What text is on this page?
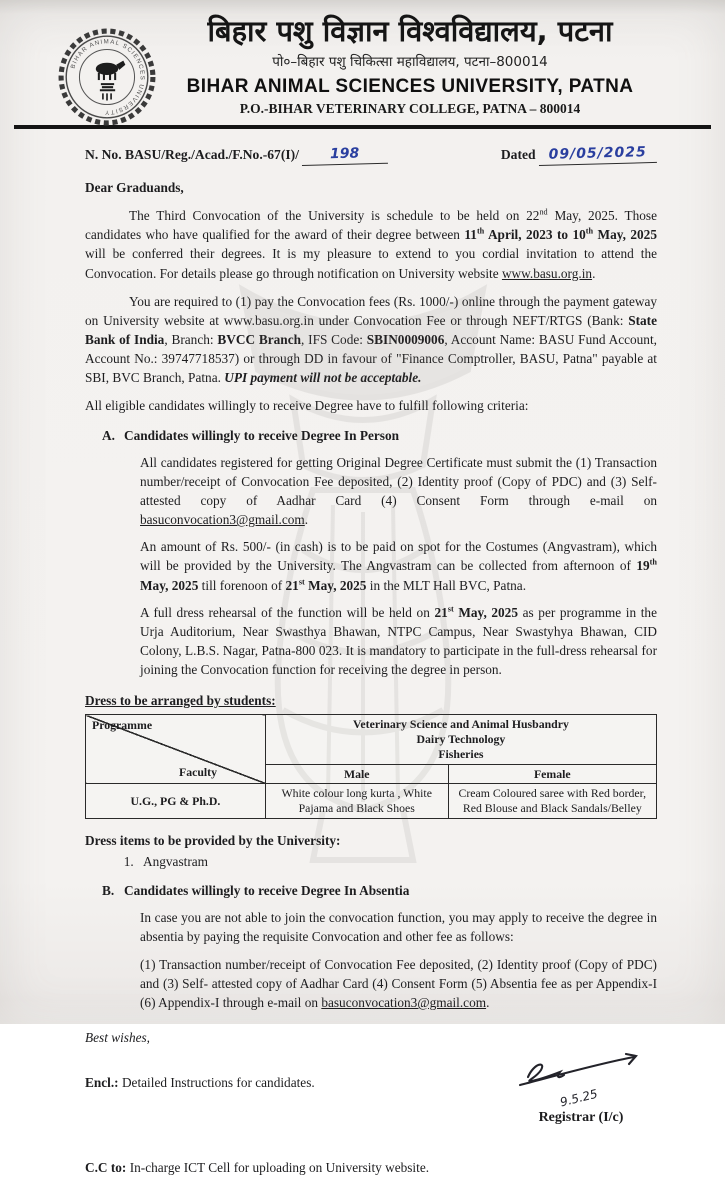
BIHAR ANIMAL SCIENCES UNIVERSITY
बिहार पशु विज्ञान विश्वविद्यालय, पटना
पो०–बिहार पशु चिकित्सा महाविद्यालय, पटना–800014
BIHAR ANIMAL SCIENCES UNIVERSITY, PATNA
P.O.-BIHAR VETERINARY COLLEGE, PATNA – 800014
N. No. BASU/Reg./Acad./F.No.-67(I)/ 198	Dated 09/05/2025
Dear Graduands,

The Third Convocation of the University is schedule to be held on 22nd May, 2025. Those candidates who have qualified for the award of their degree between 11th April, 2023 to 10th May, 2025 will be conferred their degrees. It is my pleasure to extend to you cordial invitation to attend the Convocation. For details please go through notification on University website www.basu.org.in.

You are required to (1) pay the Convocation fees (Rs. 1000/-) online through the payment gateway on University website at www.basu.org.in under Convocation Fee or through NEFT/RTGS (Bank: State Bank of India, Branch: BVCC Branch, IFS Code: SBIN0009006, Account Name: BASU Fund Account, Account No.: 39747718537) or through DD in favour of "Finance Comptroller, BASU, Patna" payable at SBI, BVC Branch, Patna. UPI payment will not be acceptable.

All eligible candidates willingly to receive Degree have to fulfill following criteria:

A. Candidates willingly to receive Degree In Person

All candidates registered for getting Original Degree Certificate must submit the (1) Transaction number/receipt of Convocation Fee deposited, (2) Identity proof (Copy of PDC) and (3) Self-attested copy of Aadhar Card (4) Consent Form through e-mail on basuconvocation3@gmail.com.

An amount of Rs. 500/- (in cash) is to be paid on spot for the Costumes (Angvastram), which will be provided by the University. The Angvastram can be collected from afternoon of 19th May, 2025 till forenoon of 21st May, 2025 in the MLT Hall BVC, Patna.

A full dress rehearsal of the function will be held on 21st May, 2025 as per programme in the Urja Auditorium, Near Swasthya Bhawan, NTPC Campus, Near Swastyhya Bhawan, CID Colony, L.B.S. Nagar, Patna-800 023. It is mandatory to participate in the full-dress rehearsal for joining the Convocation function for receiving the degree in person.

Dress to be arranged by students:
Programme
Faculty

Veterinary Science and Animal Husbandry
Dairy Technology
Fisheries

	Male	Female
U.G., PG & Ph.D.	White colour long kurta , White Pajama and Black Shoes	Cream Coloured saree with Red border, Red Blouse and Black Sandals/Belley
Dress items to be provided by the University:
1. Angvastram
B. Candidates willingly to receive Degree In Absentia

In case you are not able to join the convocation function, you may apply to receive the degree in absentia by paying the requisite Convocation and other fee as follows:

(1) Transaction number/receipt of Convocation Fee deposited, (2) Identity proof (Copy of PDC) and (3) Self- attested copy of Aadhar Card (4) Consent Form (5) Absentia fee as per Appendix-I (6) Appendix-I through e-mail on basuconvocation3@gmail.com.

Best wishes,
Encl.: Detailed Instructions for candidates.
9.5.25
Registrar (I/c)
C.C to: In-charge ICT Cell for uploading on University website.
